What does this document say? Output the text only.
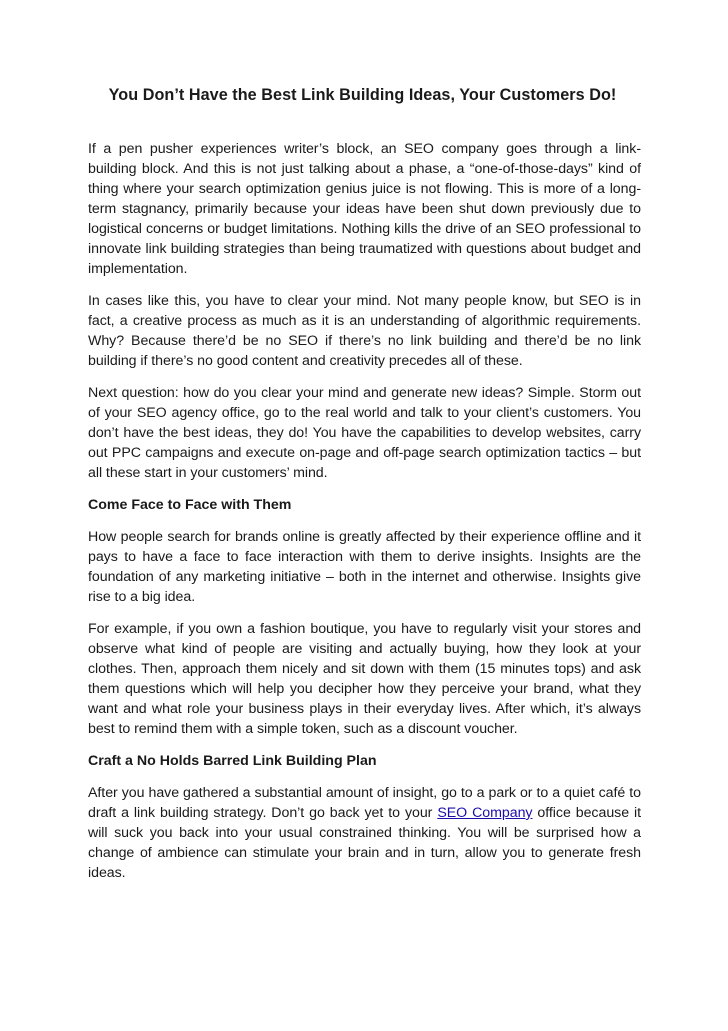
You Don’t Have the Best Link Building Ideas, Your Customers Do!

If a pen pusher experiences writer’s block, an SEO company goes through a link-building block. And this is not just talking about a phase, a “one-of-those-days” kind of thing where your search optimization genius juice is not flowing. This is more of a long-term stagnancy, primarily because your ideas have been shut down previously due to logistical concerns or budget limitations. Nothing kills the drive of an SEO professional to innovate link building strategies than being traumatized with questions about budget and implementation.

In cases like this, you have to clear your mind. Not many people know, but SEO is in fact, a creative process as much as it is an understanding of algorithmic requirements. Why? Because there’d be no SEO if there’s no link building and there’d be no link building if there’s no good content and creativity precedes all of these.

Next question: how do you clear your mind and generate new ideas? Simple. Storm out of your SEO agency office, go to the real world and talk to your client’s customers. You don’t have the best ideas, they do! You have the capabilities to develop websites, carry out PPC campaigns and execute on-page and off-page search optimization tactics – but all these start in your customers’ mind.

Come Face to Face with Them

How people search for brands online is greatly affected by their experience offline and it pays to have a face to face interaction with them to derive insights. Insights are the foundation of any marketing initiative – both in the internet and otherwise. Insights give rise to a big idea.

For example, if you own a fashion boutique, you have to regularly visit your stores and observe what kind of people are visiting and actually buying, how they look at your clothes. Then, approach them nicely and sit down with them (15 minutes tops) and ask them questions which will help you decipher how they perceive your brand, what they want and what role your business plays in their everyday lives. After which, it’s always best to remind them with a simple token, such as a discount voucher.

Craft a No Holds Barred Link Building Plan

After you have gathered a substantial amount of insight, go to a park or to a quiet café to draft a link building strategy. Don’t go back yet to your SEO Company office because it will suck you back into your usual constrained thinking. You will be surprised how a change of ambience can stimulate your brain and in turn, allow you to generate fresh ideas.
